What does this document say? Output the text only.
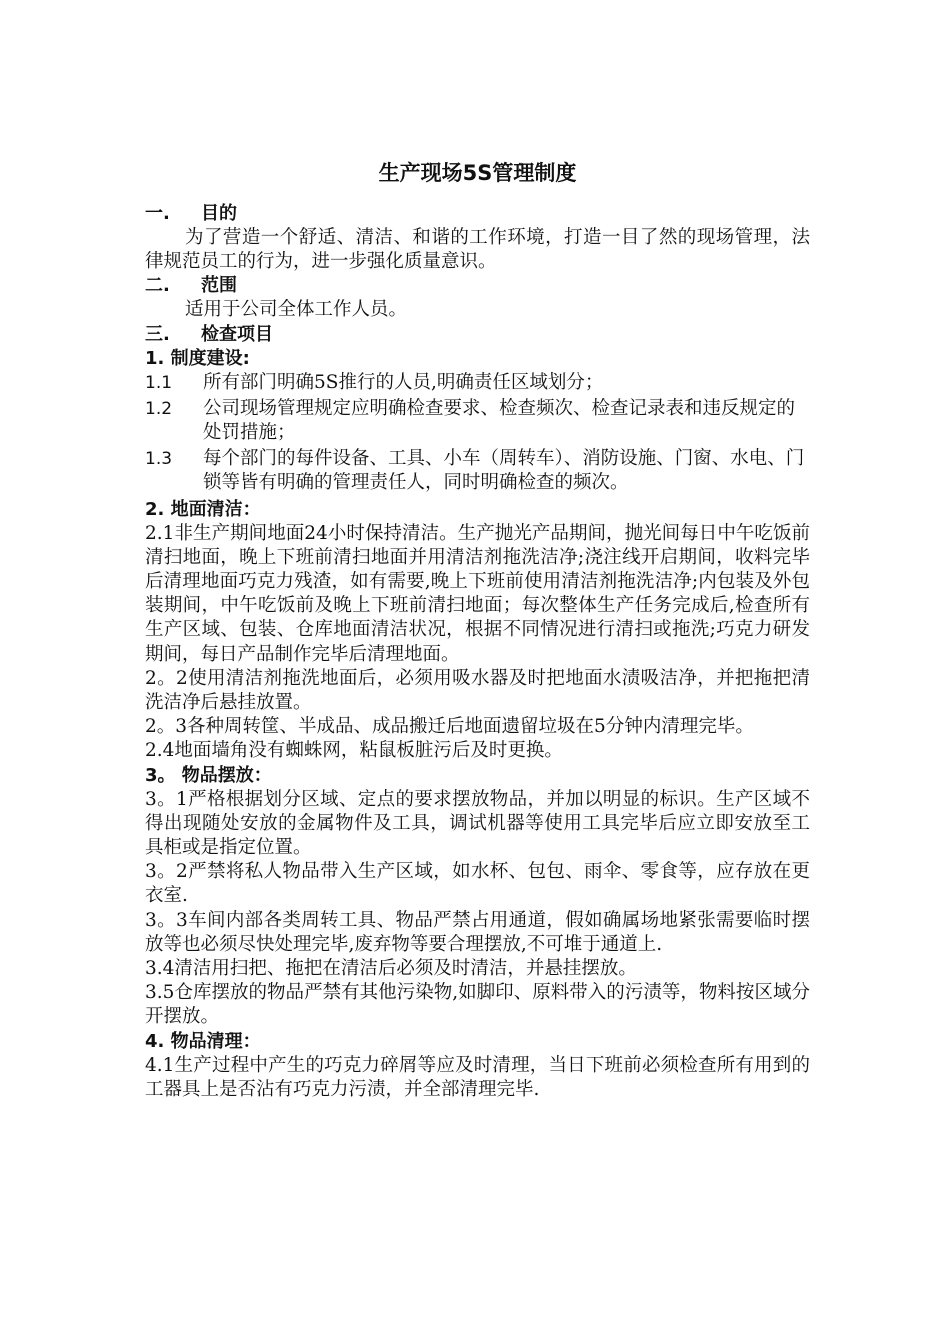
生产现场5S管理制度
一.	目的

为了营造一个舒适、清洁、和谐的工作环境，打造一目了然的现场管理，法律规范员工的行为，进一步强化质量意识。

二.	范围

适用于公司全体工作人员。

三.	检查项目
1. 制度建设:
1.1	所有部门明确5S推行的人员,明确责任区域划分；
1.2	公司现场管理规定应明确检查要求、检查频次、检查记录表和违反规定的处罚措施；
1.3	每个部门的每件设备、工具、小车（周转车）、消防设施、门窗、水电、门锁等皆有明确的管理责任人，同时明确检查的频次。
2. 地面清洁：

2.1非生产期间地面24小时保持清洁。生产抛光产品期间，抛光间每日中午吃饭前清扫地面，晚上下班前清扫地面并用清洁剂拖洗洁净;浇注线开启期间，收料完毕后清理地面巧克力残渣，如有需要,晚上下班前使用清洁剂拖洗洁净;内包装及外包装期间，中午吃饭前及晚上下班前清扫地面；每次整体生产任务完成后,检查所有生产区域、包装、仓库地面清洁状况，根据不同情况进行清扫或拖洗;巧克力研发期间，每日产品制作完毕后清理地面。

2。2使用清洁剂拖洗地面后，必须用吸水器及时把地面水渍吸洁净，并把拖把清洗洁净后悬挂放置。

2。3各种周转筐、半成品、成品搬迁后地面遗留垃圾在5分钟内清理完毕。

2.4地面墙角没有蜘蛛网，粘鼠板脏污后及时更换。

3。 物品摆放：

3。1严格根据划分区域、定点的要求摆放物品，并加以明显的标识。生产区域不得出现随处安放的金属物件及工具，调试机器等使用工具完毕后应立即安放至工具柜或是指定位置。

3。2严禁将私人物品带入生产区域，如水杯、包包、雨伞、零食等，应存放在更衣室.

3。3车间内部各类周转工具、物品严禁占用通道，假如确属场地紧张需要临时摆放等也必须尽快处理完毕,废弃物等要合理摆放,不可堆于通道上.

3.4清洁用扫把、拖把在清洁后必须及时清洁，并悬挂摆放。

3.5仓库摆放的物品严禁有其他污染物,如脚印、原料带入的污渍等，物料按区域分开摆放。

4. 物品清理：

4.1生产过程中产生的巧克力碎屑等应及时清理，当日下班前必须检查所有用到的工器具上是否沾有巧克力污渍，并全部清理完毕.
